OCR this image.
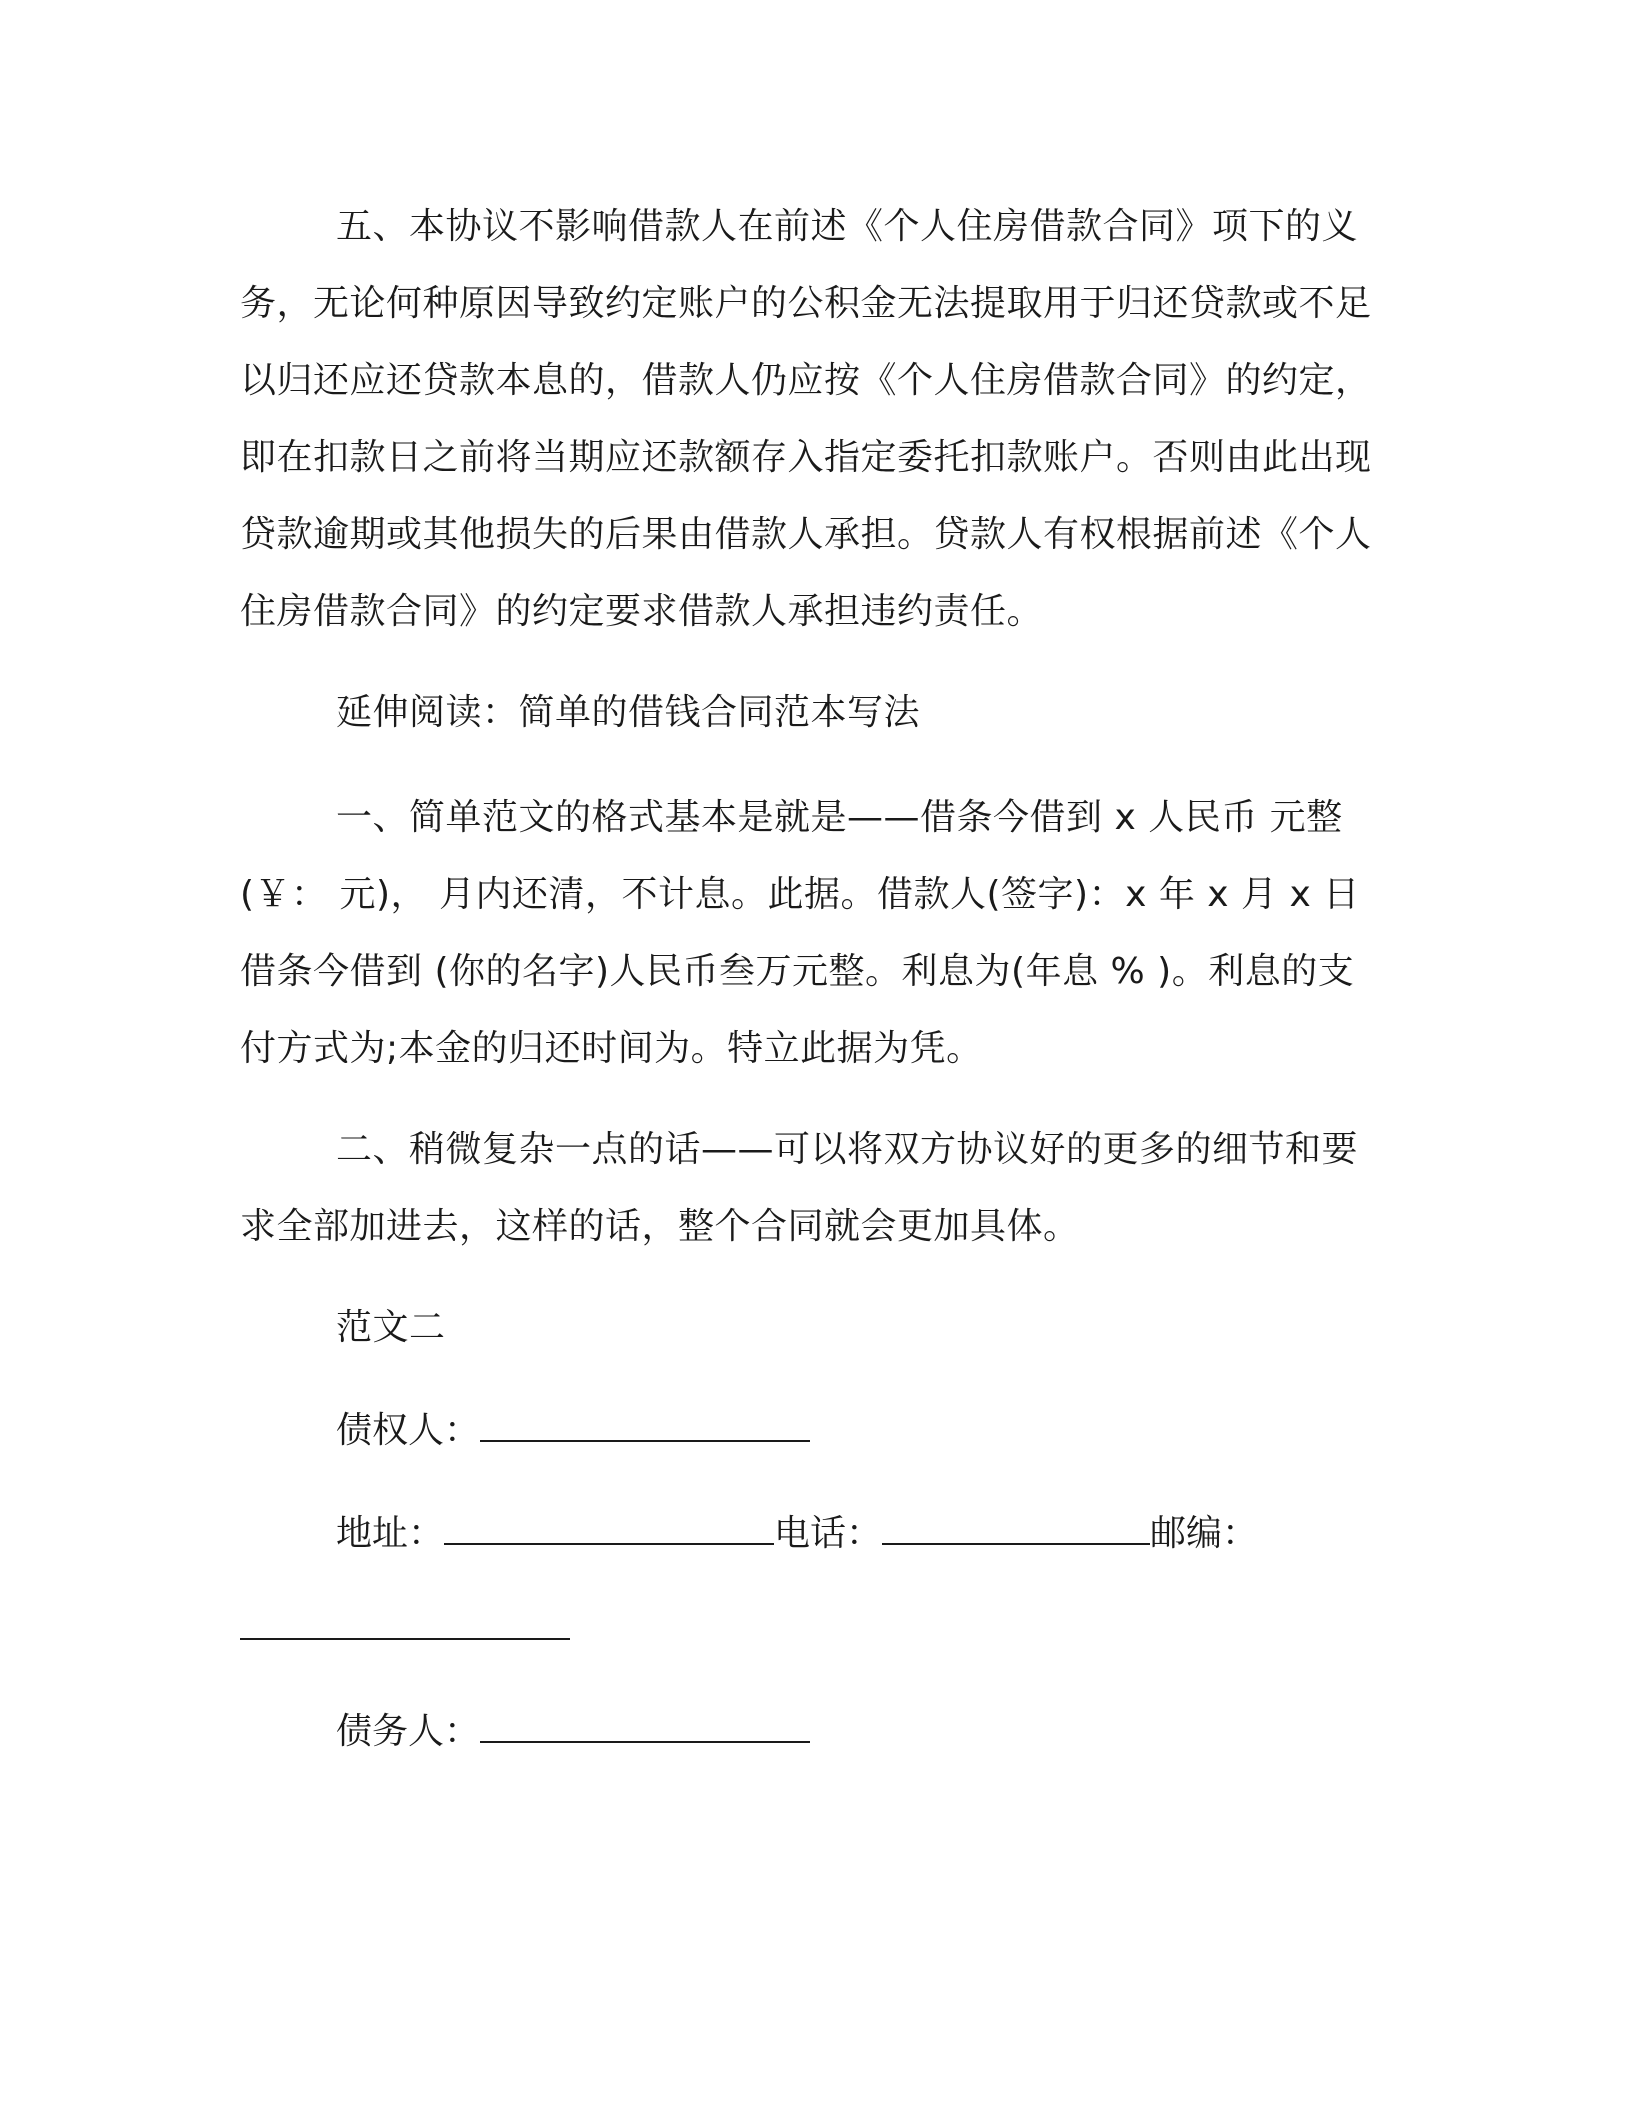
五、本协议不影响借款人在前述《个人住房借款合同》项下的义务，无论何种原因导致约定账户的公积金无法提取用于归还贷款或不足以归还应还贷款本息的，借款人仍应按《个人住房借款合同》的约定，即在扣款日之前将当期应还款额存入指定委托扣款账户。否则由此出现贷款逾期或其他损失的后果由借款人承担。贷款人有权根据前述《个人住房借款合同》的约定要求借款人承担违约责任。

延伸阅读：简单的借钱合同范本写法

一、简单范文的格式基本是就是——借条今借到 x 人民币 元整 (￥： 元)， 月内还清，不计息。此据。借款人(签字)：x 年 x 月 x 日借条今借到 (你的名字)人民币叁万元整。利息为(年息 % )。利息的支付方式为;本金的归还时间为。特立此据为凭。

二、稍微复杂一点的话——可以将双方协议好的更多的细节和要求全部加进去，这样的话，整个合同就会更加具体。

范文二

债权人：

地址：	电话：	邮编：

债务人：
